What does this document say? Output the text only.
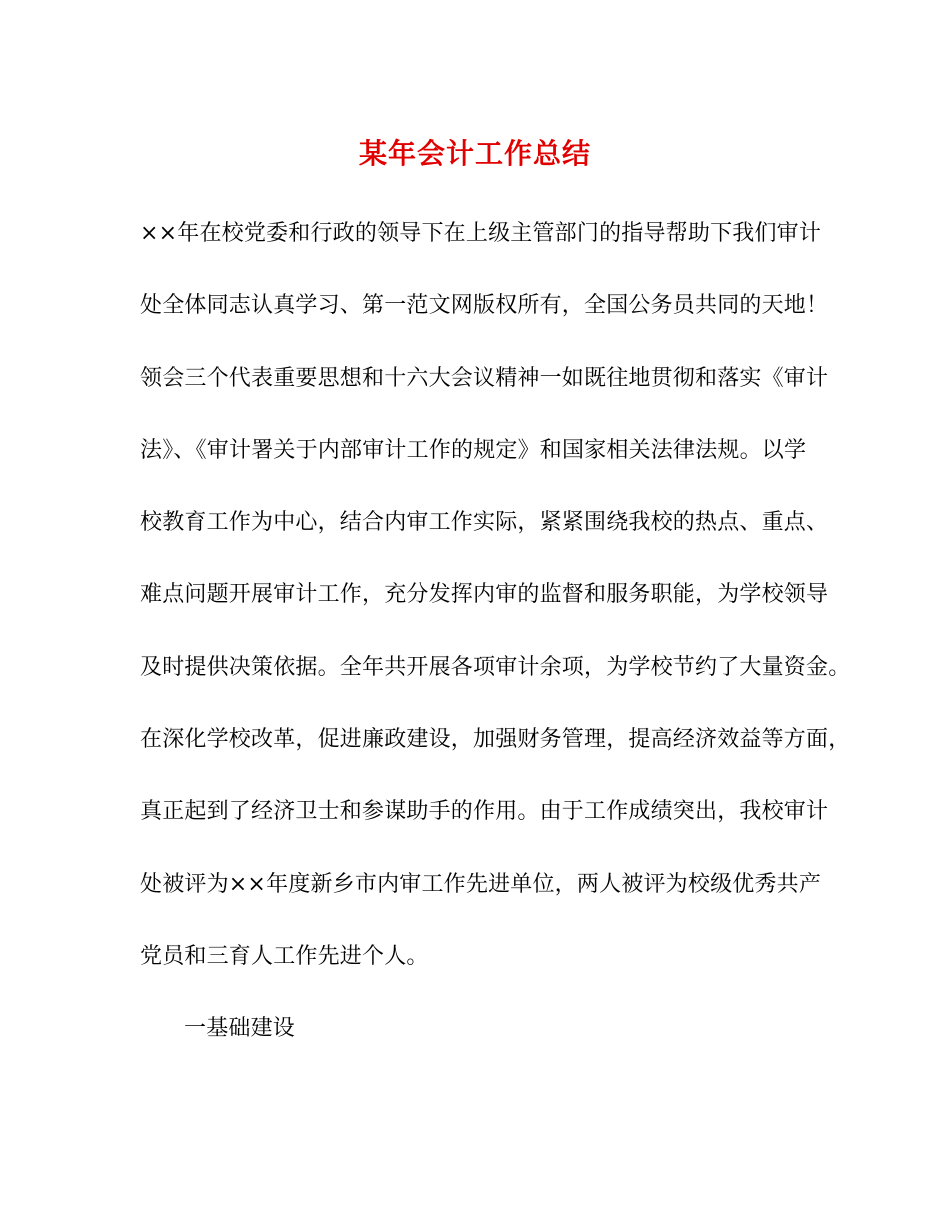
某年会计工作总结
××年在校党委和行政的领导下在上级主管部门的指导帮助下我们审计
处全体同志认真学习、第一范文网版权所有，全国公务员共同的天地！
领会三个代表重要思想和十六大会议精神一如既往地贯彻和落实《审计
法》、《审计署关于内部审计工作的规定》和国家相关法律法规。以学
校教育工作为中心，结合内审工作实际，紧紧围绕我校的热点、重点、
难点问题开展审计工作，充分发挥内审的监督和服务职能，为学校领导
及时提供决策依据。全年共开展各项审计余项，为学校节约了大量资金。
在深化学校改革，促进廉政建设，加强财务管理，提高经济效益等方面，
真正起到了经济卫士和参谋助手的作用。由于工作成绩突出，我校审计
处被评为××年度新乡市内审工作先进单位，两人被评为校级优秀共产
党员和三育人工作先进个人。
一基础建设
